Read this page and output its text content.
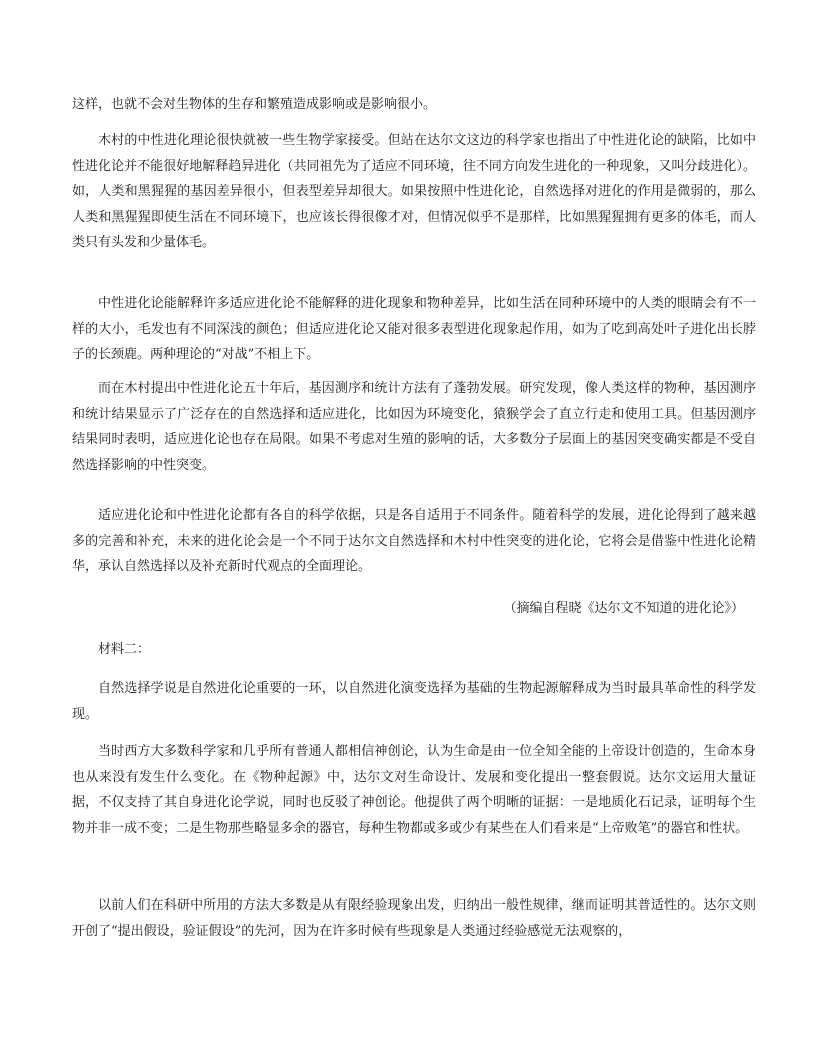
这样，也就不会对生物体的生存和繁殖造成影响或是影响很小。

木村的中性进化理论很快就被一些生物学家接受。但站在达尔文这边的科学家也指出了中性进化论的缺陷，比如中性进化论并不能很好地解释趋异进化（共同祖先为了适应不同环境，往不同方向发生进化的一种现象，又叫分歧进化）。如，人类和黑猩猩的基因差异很小，但表型差异却很大。如果按照中性进化论，自然选择对进化的作用是微弱的，那么人类和黑猩猩即使生活在不同环境下，也应该长得很像才对，但情况似乎不是那样，比如黑猩猩拥有更多的体毛，而人类只有头发和少量体毛。

中性进化论能解释许多适应进化论不能解释的进化现象和物种差异，比如生活在同种环境中的人类的眼睛会有不一样的大小，毛发也有不同深浅的颜色；但适应进化论又能对很多表型进化现象起作用，如为了吃到高处叶子进化出长脖子的长颈鹿。两种理论的“对战”不相上下。

而在木村提出中性进化论五十年后，基因测序和统计方法有了蓬勃发展。研究发现，像人类这样的物种，基因测序和统计结果显示了广泛存在的自然选择和适应进化，比如因为环境变化，猿猴学会了直立行走和使用工具。但基因测序结果同时表明，适应进化论也存在局限。如果不考虑对生殖的影响的话，大多数分子层面上的基因突变确实都是不受自然选择影响的中性突变。

适应进化论和中性进化论都有各自的科学依据，只是各自适用于不同条件。随着科学的发展，进化论得到了越来越多的完善和补充，未来的进化论会是一个不同于达尔文自然选择和木村中性突变的进化论，它将会是借鉴中性进化论精华，承认自然选择以及补充新时代观点的全面理论。

（摘编自程晓《达尔文不知道的进化论》）

材料二：

自然选择学说是自然进化论重要的一环，以自然进化演变选择为基础的生物起源解释成为当时最具革命性的科学发现。

当时西方大多数科学家和几乎所有普通人都相信神创论，认为生命是由一位全知全能的上帝设计创造的，生命本身也从来没有发生什么变化。在《物种起源》中，达尔文对生命设计、发展和变化提出一整套假说。达尔文运用大量证据，不仅支持了其自身进化论学说，同时也反驳了神创论。他提供了两个明晰的证据：一是地质化石记录，证明每个生物并非一成不变；二是生物那些略显多余的器官，每种生物都或多或少有某些在人们看来是“上帝败笔”的器官和性状。

以前人们在科研中所用的方法大多数是从有限经验现象出发，归纳出一般性规律，继而证明其普适性的。达尔文则开创了“提出假设，验证假设”的先河，因为在许多时候有些现象是人类通过经验感觉无法观察的，
